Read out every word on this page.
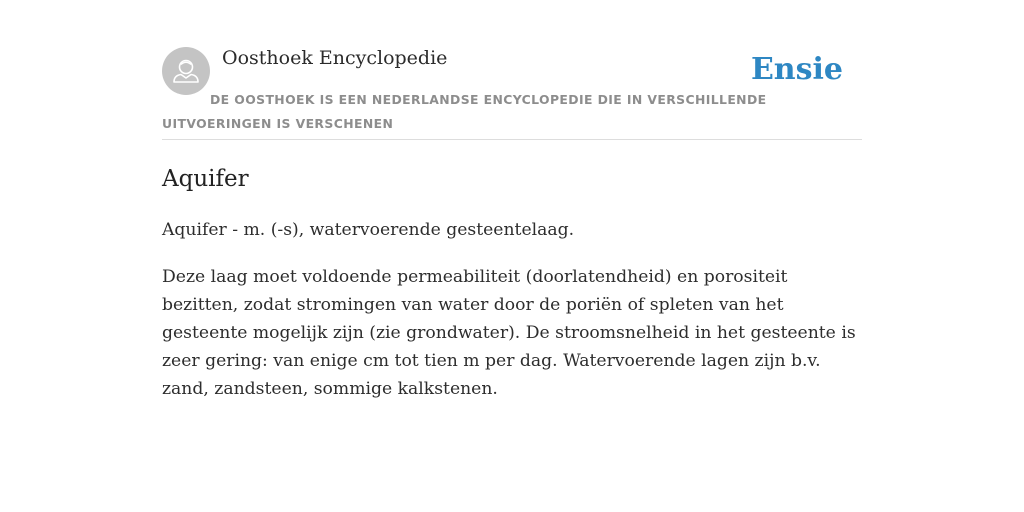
Oosthoek Encyclopedie	Ensie

DE OOSTHOEK IS EEN NEDERLANDSE ENCYCLOPEDIE DIE IN VERSCHILLENDE UITVOERINGEN IS VERSCHENEN

Aquifer

Aquifer - m. (-s), watervoerende gesteentelaag.

Deze laag moet voldoende permeabiliteit (doorlatendheid) en porositeit bezitten, zodat stromingen van water door de poriën of spleten van het gesteente mogelijk zijn (zie grondwater). De stroomsnelheid in het gesteente is zeer gering: van enige cm tot tien m per dag. Watervoerende lagen zijn b.v. zand, zandsteen, sommige kalkstenen.
